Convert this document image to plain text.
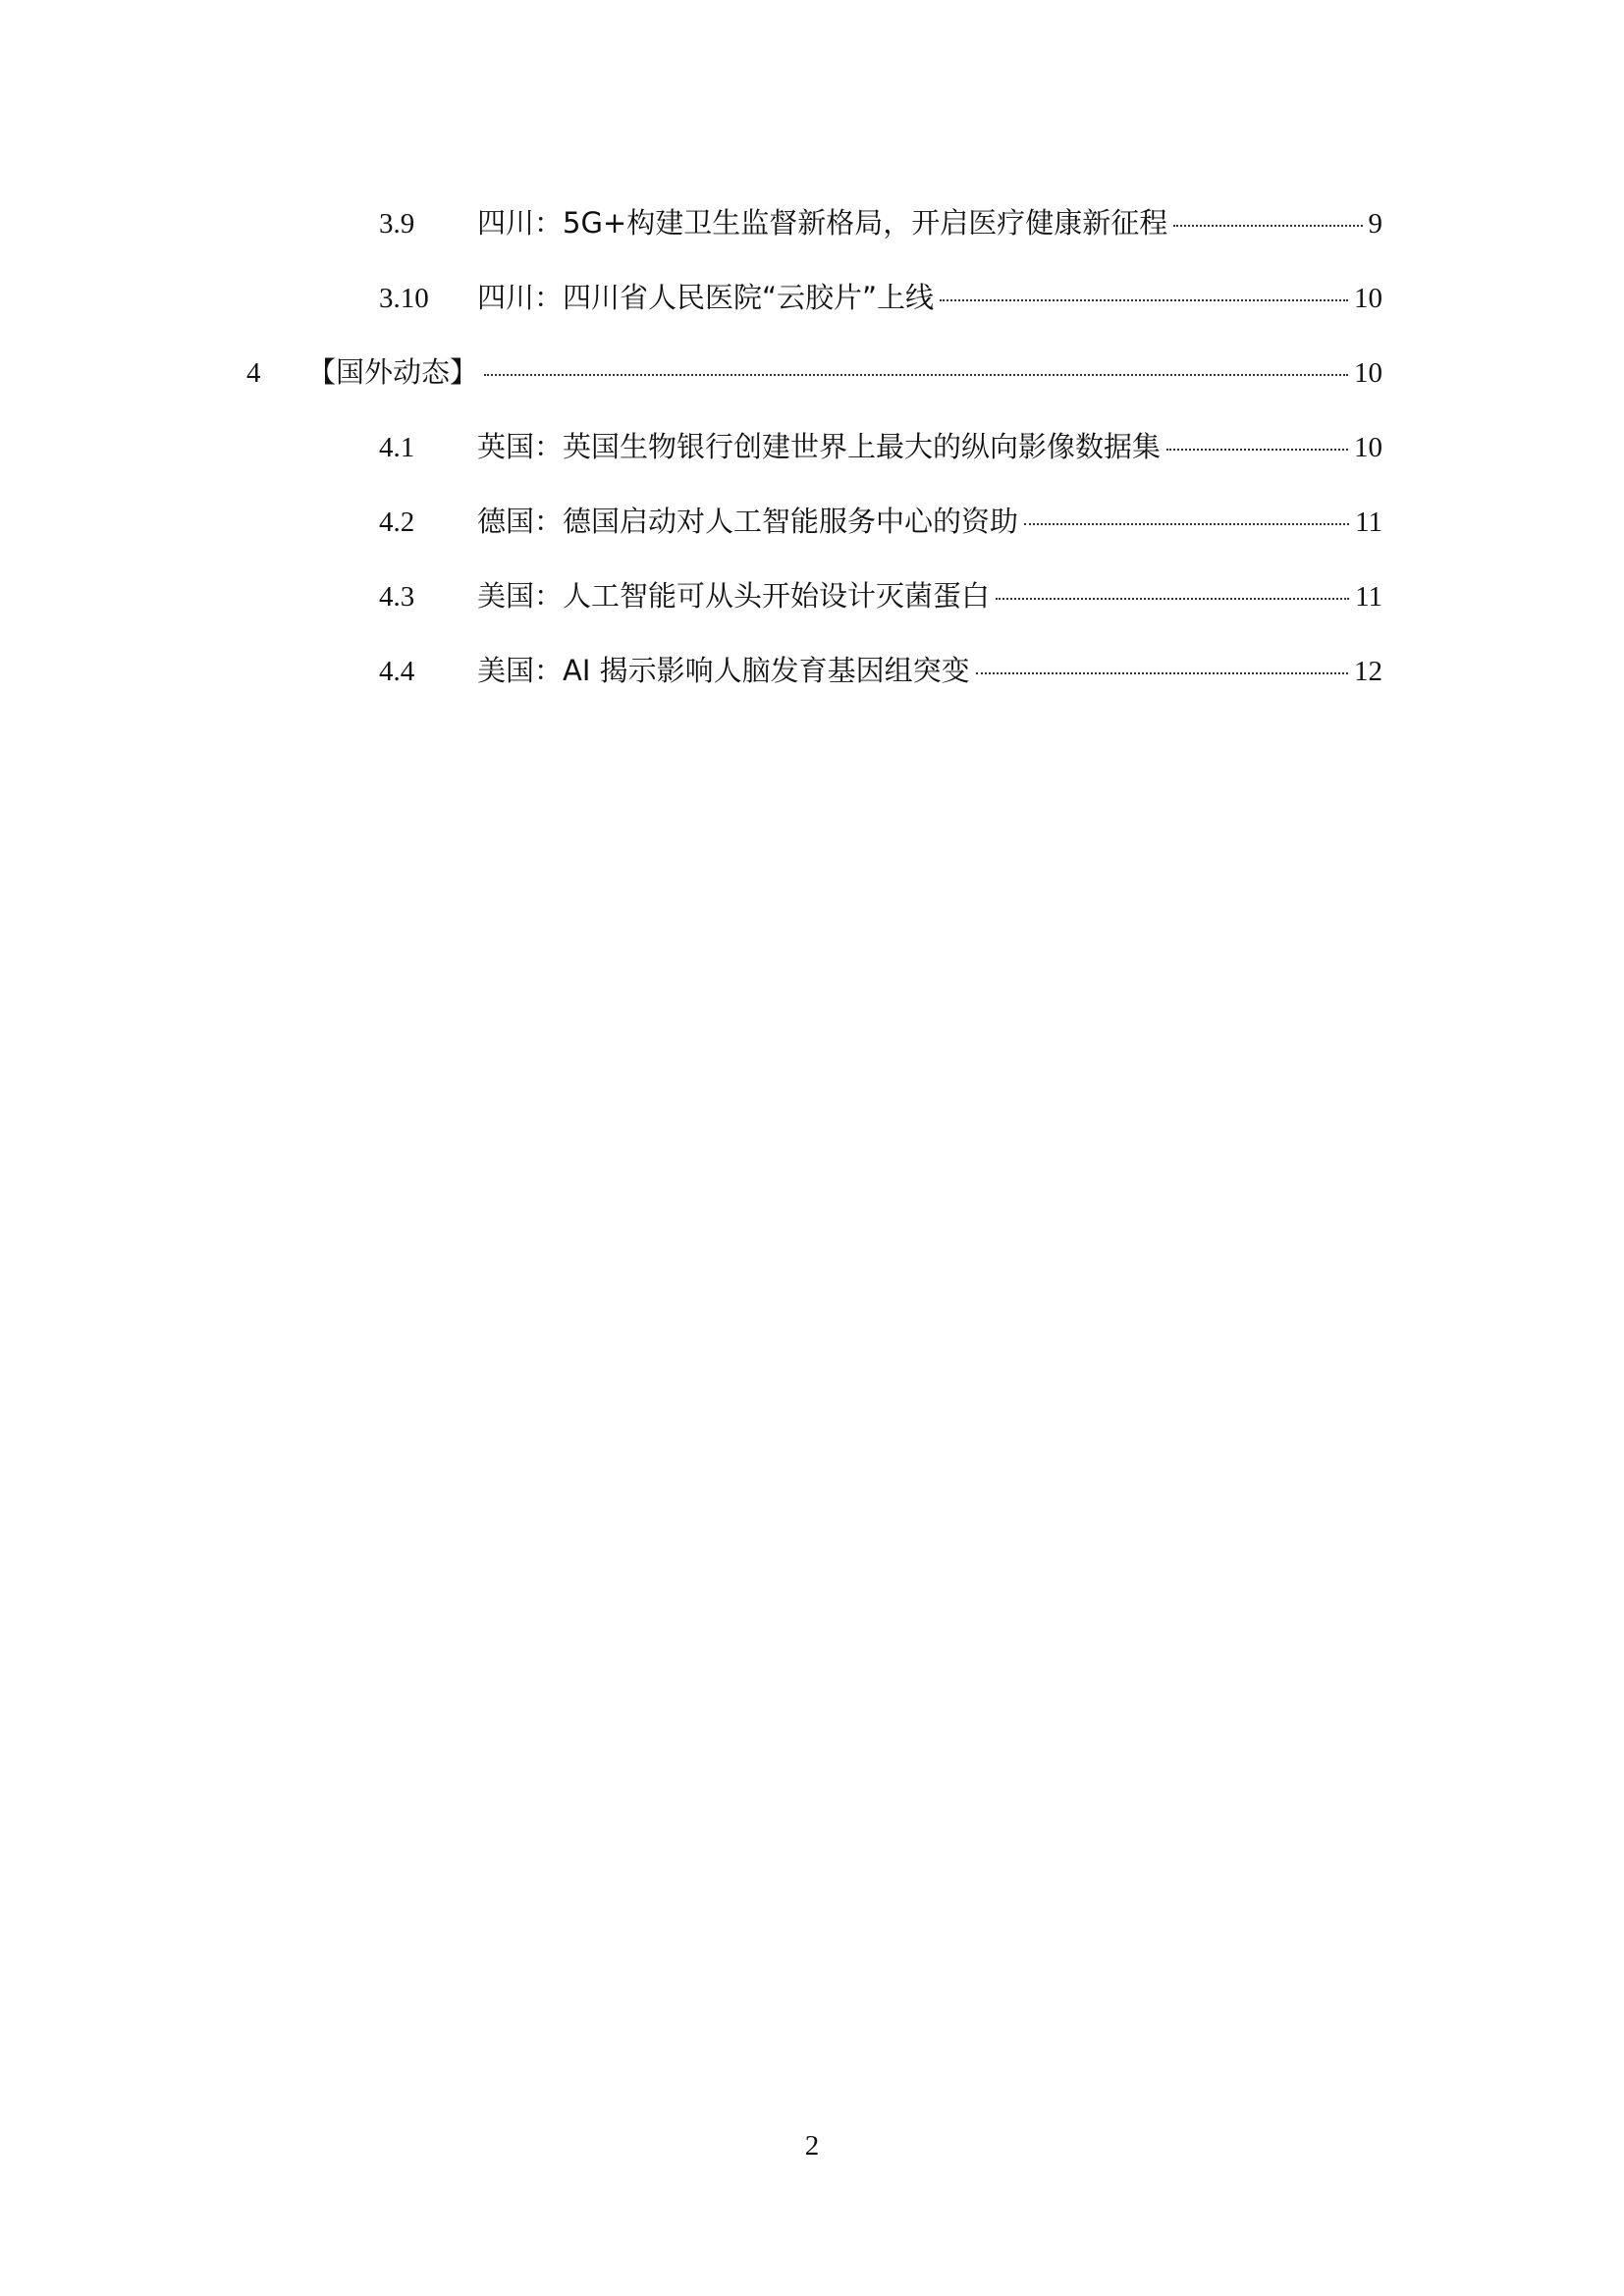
3.9	四川：5G+构建卫生监督新格局，开启医疗健康新征程	9
3.10	四川：四川省人民医院“云胶片”上线	10
4	【国外动态】	10
4.1	英国：英国生物银行创建世界上最大的纵向影像数据集	10
4.2	德国：德国启动对人工智能服务中心的资助	11
4.3	美国：人工智能可从头开始设计灭菌蛋白	11
4.4	美国：AI 揭示影响人脑发育基因组突变	12
2
